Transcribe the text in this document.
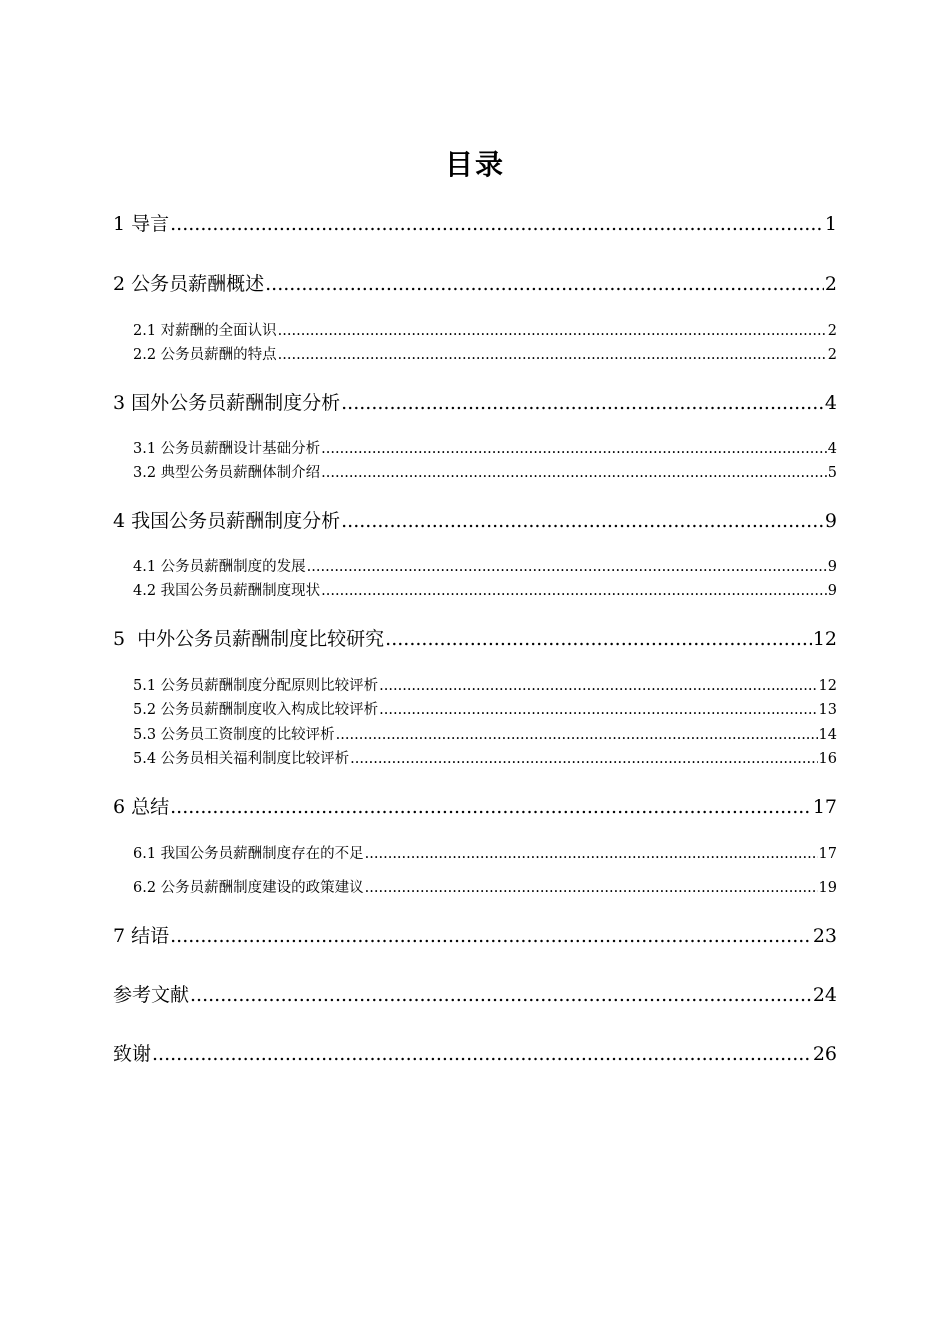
目录
1 导言 .....	1
2 公务员薪酬概述 .....	2
2.1 对薪酬的全面认识 .....	2
2.2 公务员薪酬的特点 .....	2
3 国外公务员薪酬制度分析 .....	4
3.1 公务员薪酬设计基础分析 .....	4
3.2 典型公务员薪酬体制介绍 .....	5
4 我国公务员薪酬制度分析 .....	9
4.1 公务员薪酬制度的发展 .....	9
4.2 我国公务员薪酬制度现状 .....	9
5  中外公务员薪酬制度比较研究 .....	12
5.1 公务员薪酬制度分配原则比较评析 .....	12
5.2 公务员薪酬制度收入构成比较评析 .....	13
5.3 公务员工资制度的比较评析 .....	14
5.4 公务员相关福利制度比较评析 .....	16
6 总结 .....	17
6.1 我国公务员薪酬制度存在的不足 .....	17
6.2 公务员薪酬制度建设的政策建议 .....	19
7 结语 .....	23
参考文献 .....	24
致谢 .....	26
